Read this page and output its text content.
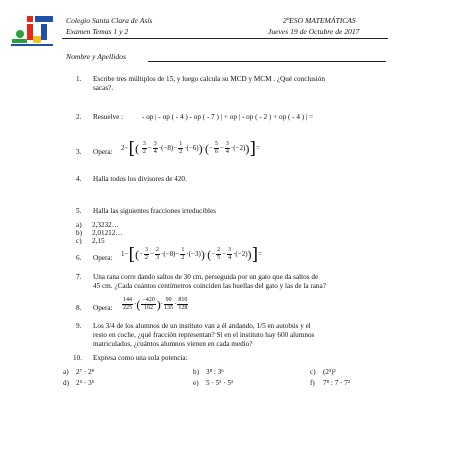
Colegio Santa Clara de Asís
Examen Temas 1 y 2
2ºESO MATEMÁTICAS
Jueves 19 de Octubre de 2017
Nombre y Apellidos
1. Escribe tres múltiplos de 15, y luego calcula su MCD y MCM . ¿Qué conclusión
sacas?.
2. Resuelve :	- op | - op ( - 4 ) - op ( - 7 ) | + op | - op ( - 2 ) + op ( - 4 ) | =
3. Opera: $2-[( \frac{3}{2} - \frac{3}{4} \cdot(-8)- \frac{1}{2} \cdot(-6))\cdot(- \frac{5}{6} - \frac{3}{4} \cdot(-2))]=$
4. Halla todos los divisores de 420.
5. Halla las siguientes fracciones irreducibles
a) 2,3232…
b) 2,01212…
c) 2,15
6. Opera: $1-[(- \frac{3}{2} - \frac{2}{3} \cdot(-8)- \frac{1}{2} \cdot(-3))\cdot(- \frac{2}{5} - \frac{3}{4} \cdot(-2))]=$
7. Una rana corre dando saltos de 30 cm, perseguida por un gato que da saltos de
45 cm. ¿Cada cuántos centímetros coinciden las huellas del gato y las de la rana?
8. Opera: $\frac{144}{225}$ ·( $\frac{-420}{162}$ )· $\frac{90}{135} \cdot \frac{810}{128}$
9. Los 3/4 de los alumnos de un instituto van a él andando, 1/5 en autobús y el
resto en coche, ¿qué fracción representan? Si en el instituto hay 600 alumnos
matriculados, ¿cuántos alumnos vienen en cada medio?
10. Expresa como una sola potencia:
a) 2⁷ · 2⁸	b) 3⁸ : 3⁶	c) (2³)²
d) 2⁵ · 3⁵	e) 5 · 5² · 5³	f) 7⁸ : 7 · 7²
